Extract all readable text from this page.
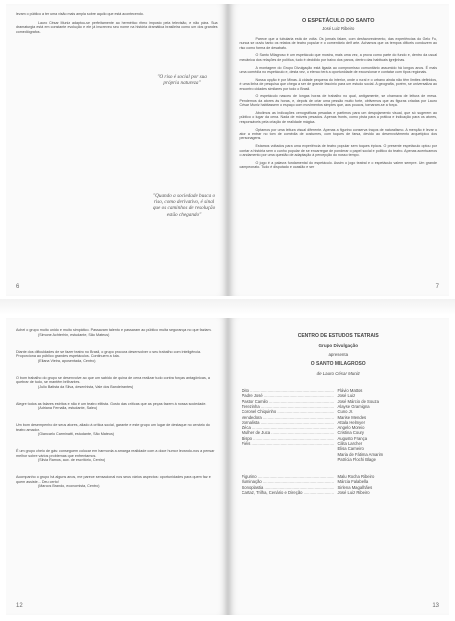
levam o público a ter uma visão mais ampla sobre aquilo que está acontecendo.

Lauro César Muniz adaptou-se perfeitamente ao hermético ritmo imposto pela televisão, e não pára. Sua dramaturgia está em constante evolução e ele já inscreveu seu nome na história dramática brasileira como um dos grandes comediógrafos.

"O riso é social por sua própria natureza"
"Quando a sociedade busca o riso, como derivativo, é sinal que os caminhos de resolução estão chegando"
6
O ESPETÁCULO DO SANTO
José Luiz Ribeiro

Parece que a tubularia está de volta. Os jornais falam, com desfavorecimento, das experiências do Gelo Fu, nunca se ouviu tanto os relatos de teatro popular e o comentário delf arte. Achamos que os tempos difíceis conduzem ao riso como forma de desabafo.

O Santo Milagroso é um espetáculo que mostra, mais uma vez, a prova como parte do fundo e, dentro da usual mecânica dos relações de política, tudo é decidido por baixo dos panos, dentro das habituais igrejinhas.

A montagem do Grupo Divulgação está ligada ao compromisso comunitário assumido há longos anos. É mais uma comédia no espetáculo e, desta vez, o elenco terá a oportunidade de excursionar e contatar com tipos regionais.

Nossa opção é por Minas. A cidade pequena do interior, onde o rural e o urbano ainda não têm limites definidos, é uma linha de pesquisa que chega a ser de grande fascínio para um estudo social. A geografia, porém, se universaliza ao encontro cidades similares por todo o Brasil.

O espetáculo nasceu de longas horas de trabalho no qual, antigamente, se chamava de leitura de mesa. Pendemos da atores às horas, e, depois de criar uma pessão muito forte, obtivemos que as figuras criadas por Lauro César Muniz habitassem o espaço com movimentos simples que, aos poucos, tornaram-se a força.

Abolimos as indicações cenográficas pesadas e partimos para um despojamento visual, que só sugerem ao público o lugar da cena. Nada de móveis pesados. Apenas fronts, como pista para a prática e indicação para os atores, responsáveis pela criação de realidade mágica.

Optamos por uma leitura visual diferente. Apenas a figurino conserva traços de naturalismo. A menção é levar o ator a entrar no tom de comédia de costumes, com toques de farsa, devido ao desenvolvimento arquetípico dos personagens.

Estamos voltados para uma experiência de teatro popular sem toques épicos. O presente espetáculo optou por contar a história sem o cunho popular de se encarregar de ponderar o papel social e político do teatro. Apenas acentuamos o andamento por uma questão de adaptação à percepção do nosso tempo.

O jogo é a palavra fundamental do espetáculo. Assim o jogo teatral e o espetáculo valem sempre. Um grande campeonato. Tudo é disputado e ocasião e ser

7
Achei o grupo muito unido e muito simpático. Passavam talento e passaram ao público muita segurança no que faziam.
(Simone Achterhin, estudante, São Mateus)
Diante dos dificuldades de se fazer teatro no Brasil, o grupo procura desenvolver o seu trabalho com inteligência. Proporciona ao público grandes espetáculos. Continuem a luta.
(Eliana Vieira, aposentada, Centro)
O bom trabalho do grupo se desenvolve ao que um sabido de quina de cena realizar tudo contra forças antagônicas, a quebrar de tudo, se mantêm brilhantes.
(Julio Batista da Silva, desenhista, Vale dos Bandeirantes)
Alegre todos as falares estritos e não é um teatro elitista. Gosto das críticas que as peças fazem à nossa sociedade.
(Adriana Fernalla, estudante, Saleu)
Um bom desempenho de seus atores, aliado à crítica social, garante e este grupo um lugar de destaque no cenário do teatro amador.
(Giancarlo Carminatti, estudante, São Mateus)
É um grupo cheio de gás: conseguem colocar em harmonia a amarga realidade com a doce humor levando-nos a pensar melhor sobre vários problemas que enfrentamos.
(Silvia Ramos, aux. de escritório, Centro)
Acompanho o grupo há alguns anos, me parece sensacional nos seus vários aspectos: oportunidades para quem faz e quem assiste... Deu certo!
(Marcos Brando, economista, Centro)
12
CENTRO DE ESTUDOS TEATRAIS
Grupo Divulgação
apresenta
O SANTO MILAGROSO
de Lauro César Muniz
Dito .....	Flávio Mattos
Padre José .....	José Luiz
Pastor Camilo .....	José Márcio de Souza
Terezinha .....	Alayse Gramigna
Coronel Chiquinho .....	Cuno Jr.
Vendedora .....	Marise Mendes
Jornalista .....	Attala Helmyer
Zéca .....	Angelo Moreio
Mulher de Juca .....	Cristina Coury
Bispo .....	Augusto França
Fiéis .....	Cilita Larcher
Elisa Carneiro
Maria de Fátima Amarim
Patrícia Flochi Blage
Figurino .....	Malu Rocha Ribeiro
Iluminação .....	Márcia Falabella
Sonoplastia .....	Sirlena Magalhães
Cartaz, Trilha, Cenário e Direção .....	José Luiz Ribeiro
13
